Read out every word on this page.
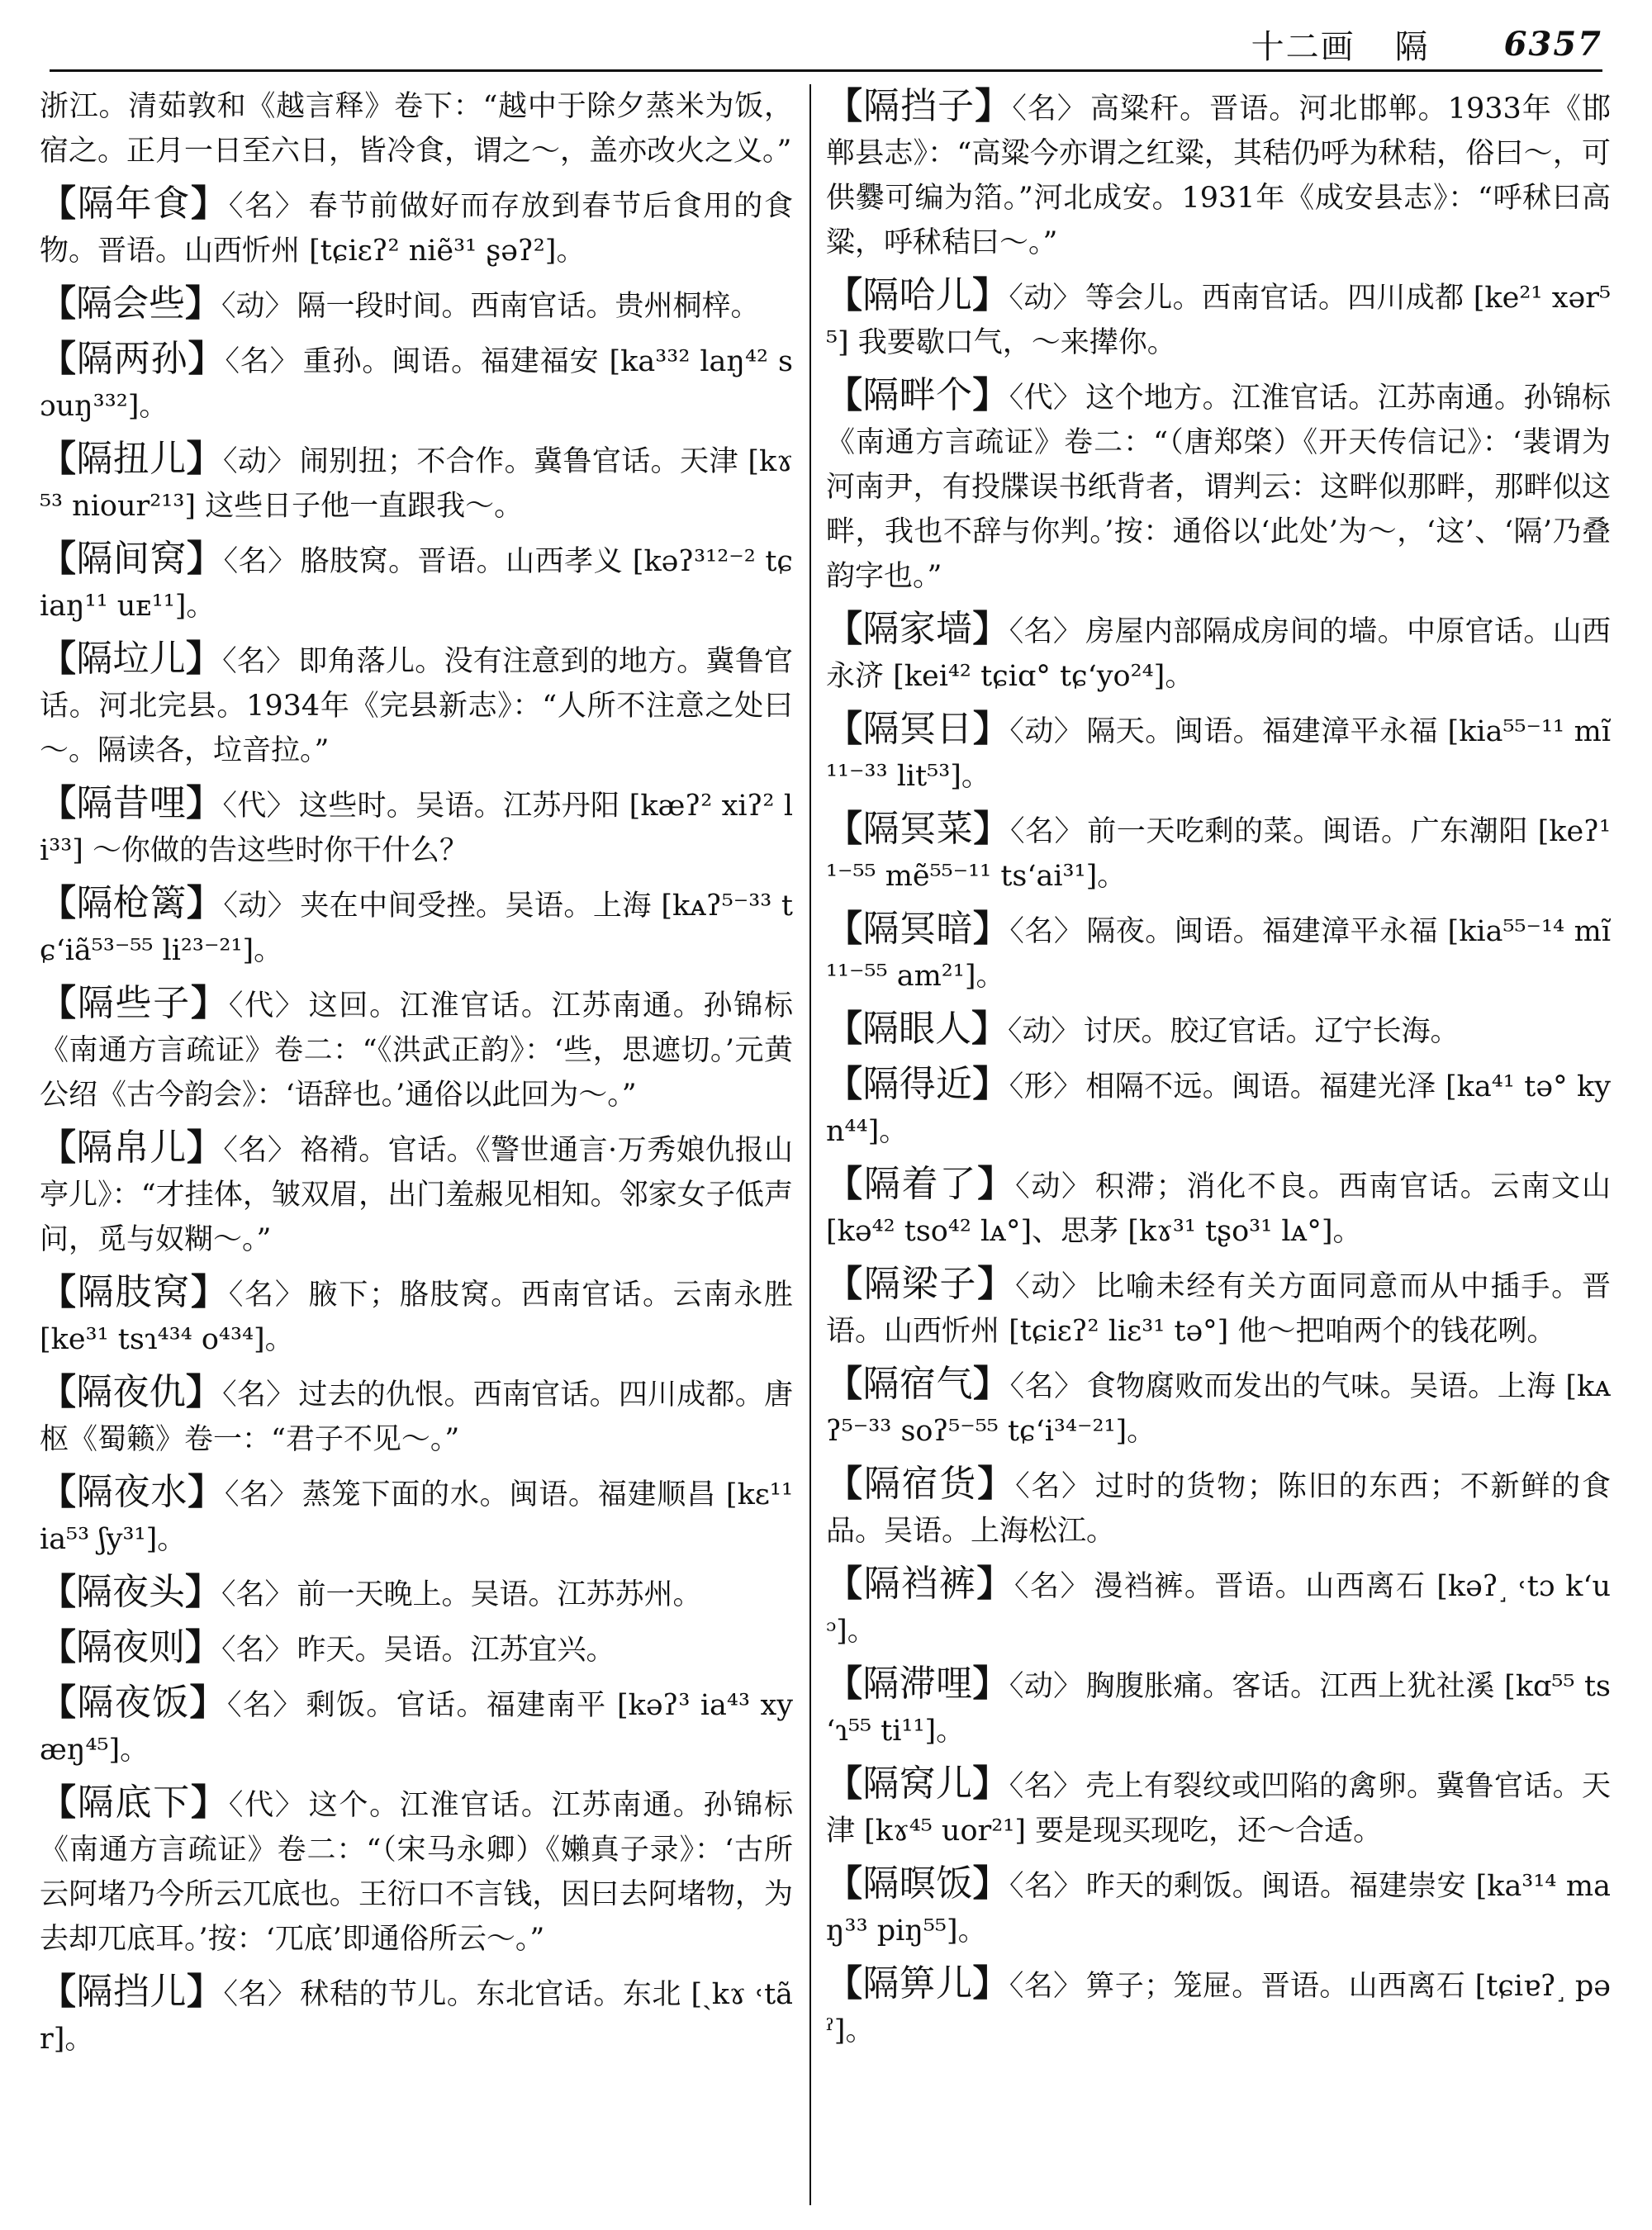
十二画 隔 6357

浙江。清茹敦和《越言释》卷下：“越中于除夕蒸米为饭，宿之。正月一日至六日，皆冷食，谓之～，盖亦改火之义。”

【隔年食】〈名〉 春节前做好而存放到春节后食用的食物。晋语。山西忻州 [tɕiɛʔ² niẽ³¹ ʂəʔ²]。

【隔会些】〈动〉 隔一段时间。西南官话。贵州桐梓。

【隔两孙】〈名〉 重孙。闽语。福建福安 [ka³³² laŋ⁴² sɔuŋ³³²]。

【隔扭儿】〈动〉 闹别扭；不合作。冀鲁官话。天津 [kɤ⁵³ niour²¹³] 这些日子他一直跟我～。

【隔间窝】〈名〉 胳肢窝。晋语。山西孝义 [kəʔ³¹²⁻² tɕiaŋ¹¹ uᴇ¹¹]。

【隔垃儿】〈名〉 即角落儿。没有注意到的地方。冀鲁官话。河北完县。1934年《完县新志》：“人所不注意之处曰～。隔读各，垃音拉。”

【隔昔哩】〈代〉 这些时。吴语。江苏丹阳 [kæʔ² xiʔ² li³³] ～你做的告这些时你干什么？

【隔枪篱】〈动〉 夹在中间受挫。吴语。上海 [kᴀʔ⁵⁻³³ tɕʻiã⁵³⁻⁵⁵ li²³⁻²¹]。

【隔些子】〈代〉 这回。江淮官话。江苏南通。孙锦标《南通方言疏证》卷二：“《洪武正韵》：‘些，思遮切。’元黄公绍《古今韵会》：‘语辞也。’通俗以此回为～。”

【隔帛儿】〈名〉 袼褙。官话。《警世通言·万秀娘仇报山亭儿》：“才挂体，皱双眉，出门羞赧见相知。邻家女子低声问，觅与奴糊～。”

【隔肢窝】〈名〉 腋下；胳肢窝。西南官话。云南永胜 [ke³¹ tsɿ⁴³⁴ o⁴³⁴]。

【隔夜仇】〈名〉 过去的仇恨。西南官话。四川成都。唐枢《蜀籁》卷一：“君子不见～。”

【隔夜水】〈名〉 蒸笼下面的水。闽语。福建顺昌 [kɛ¹¹ ia⁵³ ʃy³¹]。

【隔夜头】〈名〉 前一天晚上。吴语。江苏苏州。

【隔夜则】〈名〉 昨天。吴语。江苏宜兴。

【隔夜饭】〈名〉 剩饭。官话。福建南平 [kəʔ³ ia⁴³ xyæŋ⁴⁵]。

【隔底下】〈代〉 这个。江淮官话。江苏南通。孙锦标《南通方言疏证》卷二：“（宋马永卿）《嬾真子录》：‘古所云阿堵乃今所云兀底也。王衍口不言钱，因曰去阿堵物，为去却兀底耳。’按：‘兀底’即通俗所云～。”

【隔挡儿】〈名〉 秫秸的节儿。东北官话。东北 [ˏkɤ ˓tãr]。

【隔挡子】〈名〉 高粱秆。晋语。河北邯郸。1933年《邯郸县志》：“高粱今亦谓之红粱，其秸仍呼为秫秸，俗曰～，可供爨可编为箔。”河北成安。1931年《成安县志》：“呼秫曰高粱，呼秫秸曰～。”

【隔哈儿】〈动〉 等会儿。西南官话。四川成都 [ke²¹ xər⁵⁵] 我要歇口气，～来撵你。

【隔畔个】〈代〉 这个地方。江淮官话。江苏南通。孙锦标《南通方言疏证》卷二：“（唐郑棨）《开天传信记》：‘裴谓为河南尹，有投牒误书纸背者，谓判云：这畔似那畔，那畔似这畔，我也不辞与你判。’按：通俗以‘此处’为～，‘这’、‘隔’乃叠韵字也。”

【隔家墙】〈名〉 房屋内部隔成房间的墙。中原官话。山西永济 [kei⁴² tɕiɑ° tɕʻyo²⁴]。

【隔冥日】〈动〉 隔天。闽语。福建漳平永福 [kia⁵⁵⁻¹¹ mĩ¹¹⁻³³ lit⁵³]。

【隔冥菜】〈名〉 前一天吃剩的菜。闽语。广东潮阳 [keʔ¹¹⁻⁵⁵ mẽ⁵⁵⁻¹¹ tsʻai³¹]。

【隔冥暗】〈名〉 隔夜。闽语。福建漳平永福 [kia⁵⁵⁻¹⁴ mĩ¹¹⁻⁵⁵ am²¹]。

【隔眼人】〈动〉 讨厌。胶辽官话。辽宁长海。

【隔得近】〈形〉 相隔不远。闽语。福建光泽 [ka⁴¹ tə° kyn⁴⁴]。

【隔着了】〈动〉 积滞；消化不良。西南官话。云南文山 [kə⁴² tso⁴² lᴀ°]、思茅 [kɤ³¹ tʂo³¹ lᴀ°]。

【隔梁子】〈动〉 比喻未经有关方面同意而从中插手。晋语。山西忻州 [tɕiɛʔ² liɛ³¹ tə°] 他～把咱两个的钱花咧。

【隔宿气】〈名〉 食物腐败而发出的气味。吴语。上海 [kᴀʔ⁵⁻³³ soʔ⁵⁻⁵⁵ tɕʻi³⁴⁻²¹]。

【隔宿货】〈名〉 过时的货物；陈旧的东西；不新鲜的食品。吴语。上海松江。

【隔裆裤】〈名〉 漫裆裤。晋语。山西离石 [kəʔ˼ ˓tɔ kʻuᵓ]。

【隔滞哩】〈动〉 胸腹胀痛。客话。江西上犹社溪 [kɑ⁵⁵ tsʻɿ⁵⁵ ti¹¹]。

【隔窝儿】〈名〉 壳上有裂纹或凹陷的禽卵。冀鲁官话。天津 [kɤ⁴⁵ uor²¹] 要是现买现吃，还～合适。

【隔暝饭】〈名〉 昨天的剩饭。闽语。福建崇安 [ka³¹⁴ maŋ³³ piŋ⁵⁵]。

【隔箅儿】〈名〉 箅子；笼屉。晋语。山西离石 [tɕiɐʔ˼ pəˀ]。
